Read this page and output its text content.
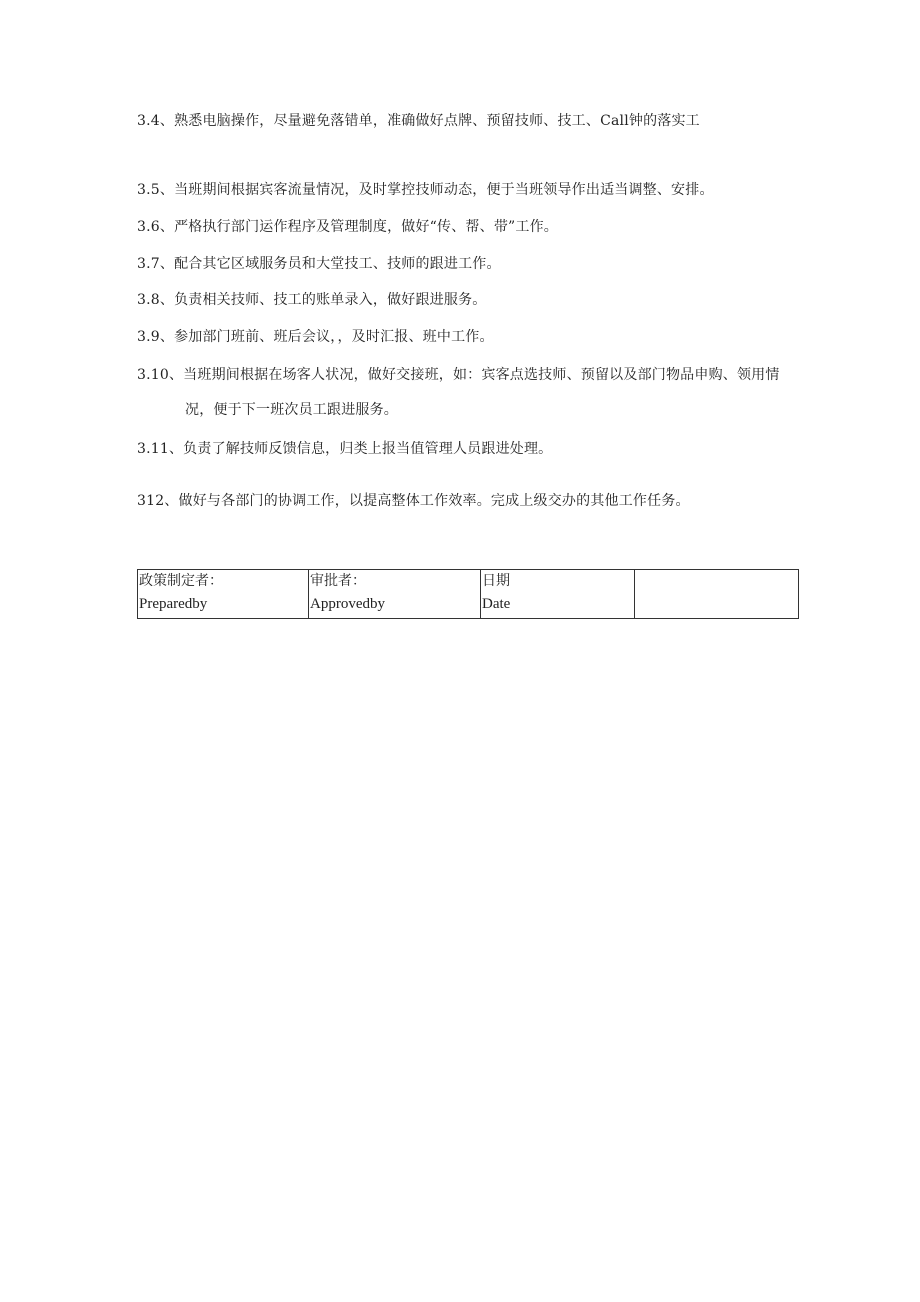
3.4、熟悉电脑操作，尽量避免落错单，准确做好点牌、预留技师、技工、Call钟的落实工
3.5、当班期间根据宾客流量情况，及时掌控技师动态，便于当班领导作出适当调整、安排。
3.6、严格执行部门运作程序及管理制度，做好“传、帮、带”工作。
3.7、配合其它区域服务员和大堂技工、技师的跟进工作。
3.8、负责相关技师、技工的账单录入，做好跟进服务。
3.9、参加部门班前、班后会议，，及时汇报、班中工作。
3.10、当班期间根据在场客人状况，做好交接班，如：宾客点选技师、预留以及部门物品申购、领用情
况，便于下一班次员工跟进服务。
3.11、负责了解技师反馈信息，归类上报当值管理人员跟进处理。
312、做好与各部门的协调工作，以提高整体工作效率。完成上级交办的其他工作任务。
政策制定者：
Preparedby

审批者：
Approvedby

日期
Date
